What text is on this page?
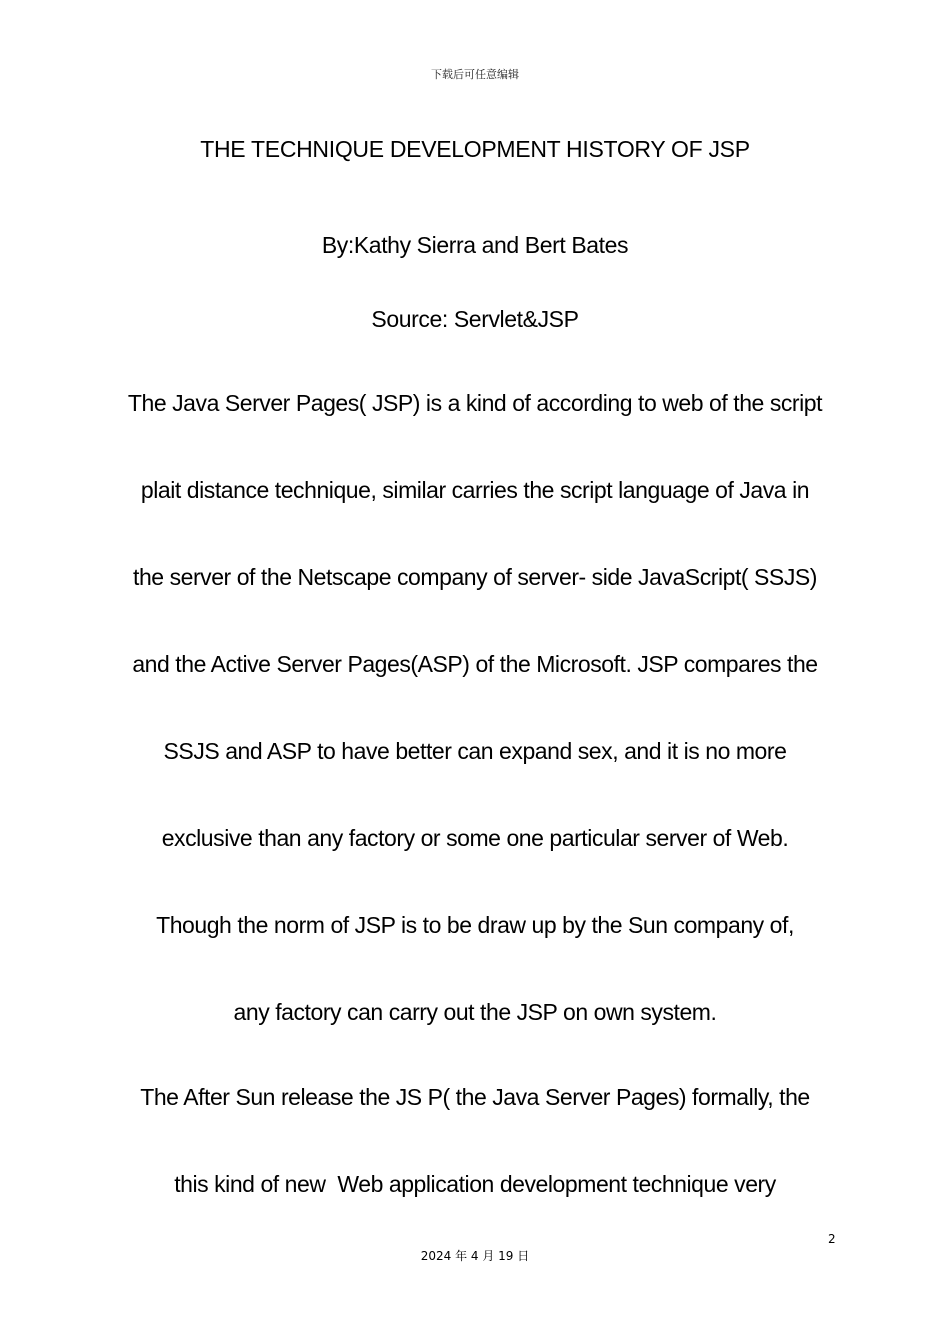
下载后可任意编辑
THE TECHNIQUE DEVELOPMENT HISTORY OF JSP
By:Kathy Sierra and Bert Bates
Source: Servlet&JSP
The Java Server Pages( JSP) is a kind of according to web of the script
plait distance technique, similar carries the script language of Java in
the server of the Netscape company of server- side JavaScript( SSJS)
and the Active Server Pages(ASP) of the Microsoft. JSP compares the
SSJS and ASP to have better can expand sex, and it is no more
exclusive than any factory or some one particular server of Web.
Though the norm of JSP is to be draw up by the Sun company of,
any factory can carry out the JSP on own system.
The After Sun release the JS P( the Java Server Pages) formally, the
this kind of new  Web application development technique very
2
2024 年 4 月 19 日
